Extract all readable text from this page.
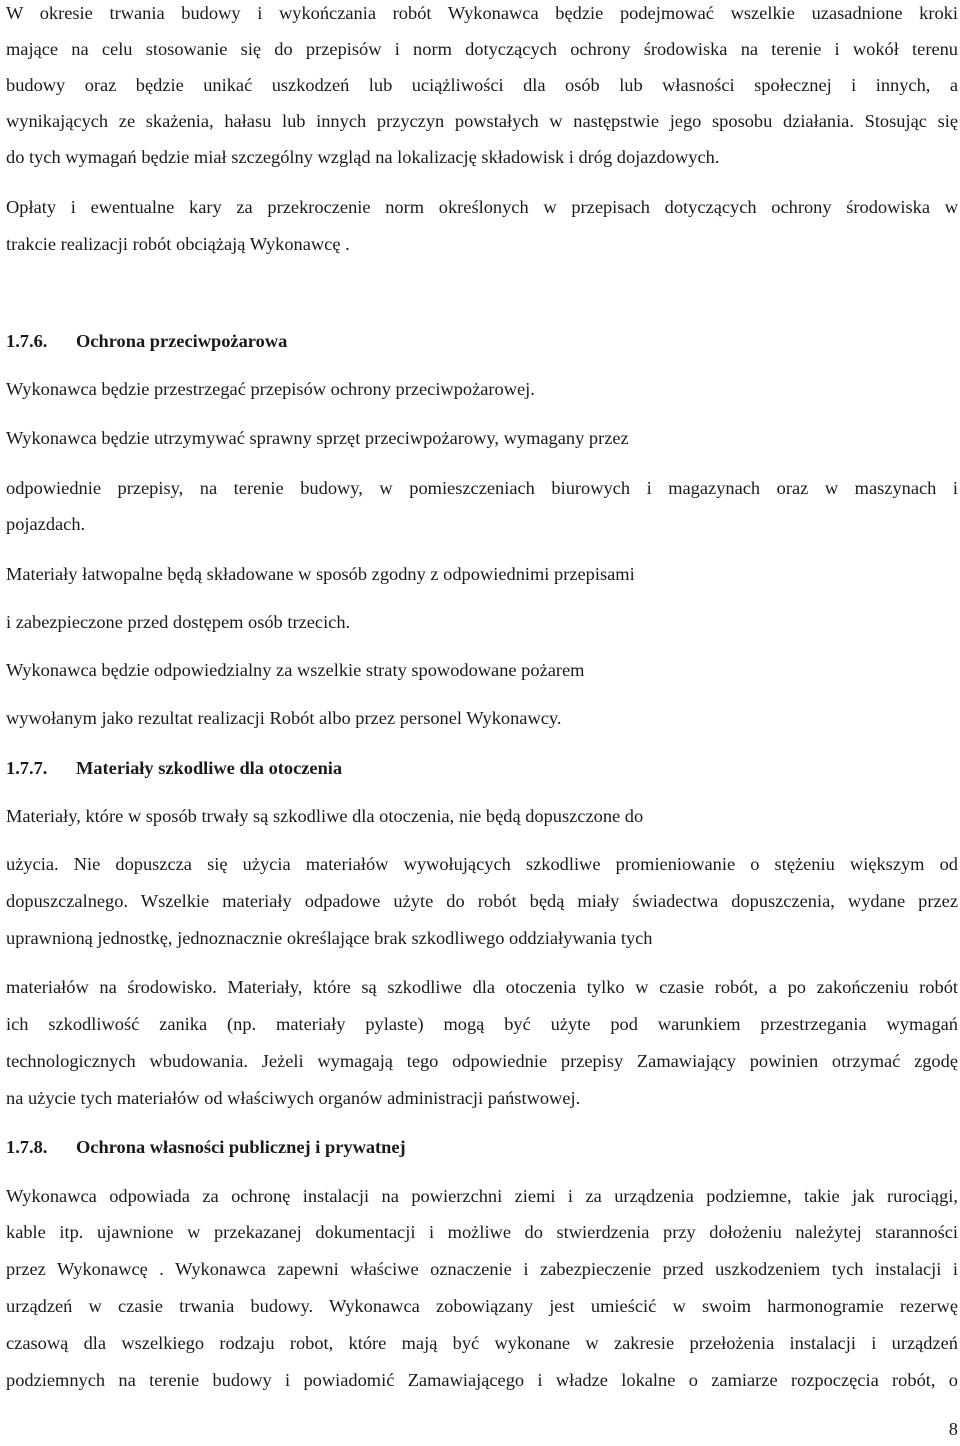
W okresie trwania budowy i wykończania robót Wykonawca będzie podejmować wszelkie uzasadnione kroki
mające na celu stosowanie się do przepisów i norm dotyczących ochrony środowiska na terenie i wokół terenu
budowy oraz będzie unikać uszkodzeń lub uciążliwości dla osób lub własności społecznej i innych, a
wynikających ze skażenia, hałasu lub innych przyczyn powstałych w następstwie jego sposobu działania. Stosując się
do tych wymagań będzie miał szczególny wzgląd na lokalizację składowisk i dróg dojazdowych.
Opłaty i ewentualne kary za przekroczenie norm określonych w przepisach dotyczących ochrony środowiska w
trakcie realizacji robót obciążają Wykonawcę .
1.7.6. Ochrona przeciwpożarowa
Wykonawca będzie przestrzegać przepisów ochrony przeciwpożarowej.
Wykonawca będzie utrzymywać sprawny sprzęt przeciwpożarowy, wymagany przez
odpowiednie przepisy, na terenie budowy, w pomieszczeniach biurowych i magazynach oraz w maszynach i
pojazdach.
Materiały łatwopalne będą składowane w sposób zgodny z odpowiednimi przepisami
i zabezpieczone przed dostępem osób trzecich.
Wykonawca będzie odpowiedzialny za wszelkie straty spowodowane pożarem
wywołanym jako rezultat realizacji Robót albo przez personel Wykonawcy.
1.7.7. Materiały szkodliwe dla otoczenia
Materiały, które w sposób trwały są szkodliwe dla otoczenia, nie będą dopuszczone do
użycia. Nie dopuszcza się użycia materiałów wywołujących szkodliwe promieniowanie o stężeniu większym od
dopuszczalnego. Wszelkie materiały odpadowe użyte do robót będą miały świadectwa dopuszczenia, wydane przez
uprawnioną jednostkę, jednoznacznie określające brak szkodliwego oddziaływania tych
materiałów na środowisko. Materiały, które są szkodliwe dla otoczenia tylko w czasie robót, a po zakończeniu robót
ich szkodliwość zanika (np. materiały pylaste) mogą być użyte pod warunkiem przestrzegania wymagań
technologicznych wbudowania. Jeżeli wymagają tego odpowiednie przepisy Zamawiający powinien otrzymać zgodę
na użycie tych materiałów od właściwych organów administracji państwowej.
1.7.8. Ochrona własności publicznej i prywatnej
Wykonawca odpowiada za ochronę instalacji na powierzchni ziemi i za urządzenia podziemne, takie jak rurociągi,
kable itp. ujawnione w przekazanej dokumentacji i możliwe do stwierdzenia przy dołożeniu należytej staranności
przez Wykonawcę . Wykonawca zapewni właściwe oznaczenie i zabezpieczenie przed uszkodzeniem tych instalacji i
urządzeń w czasie trwania budowy. Wykonawca zobowiązany jest umieścić w swoim harmonogramie rezerwę
czasową dla wszelkiego rodzaju robot, które mają być wykonane w zakresie przełożenia instalacji i urządzeń
podziemnych na terenie budowy i powiadomić Zamawiającego i władze lokalne o zamiarze rozpoczęcia robót, o
8
